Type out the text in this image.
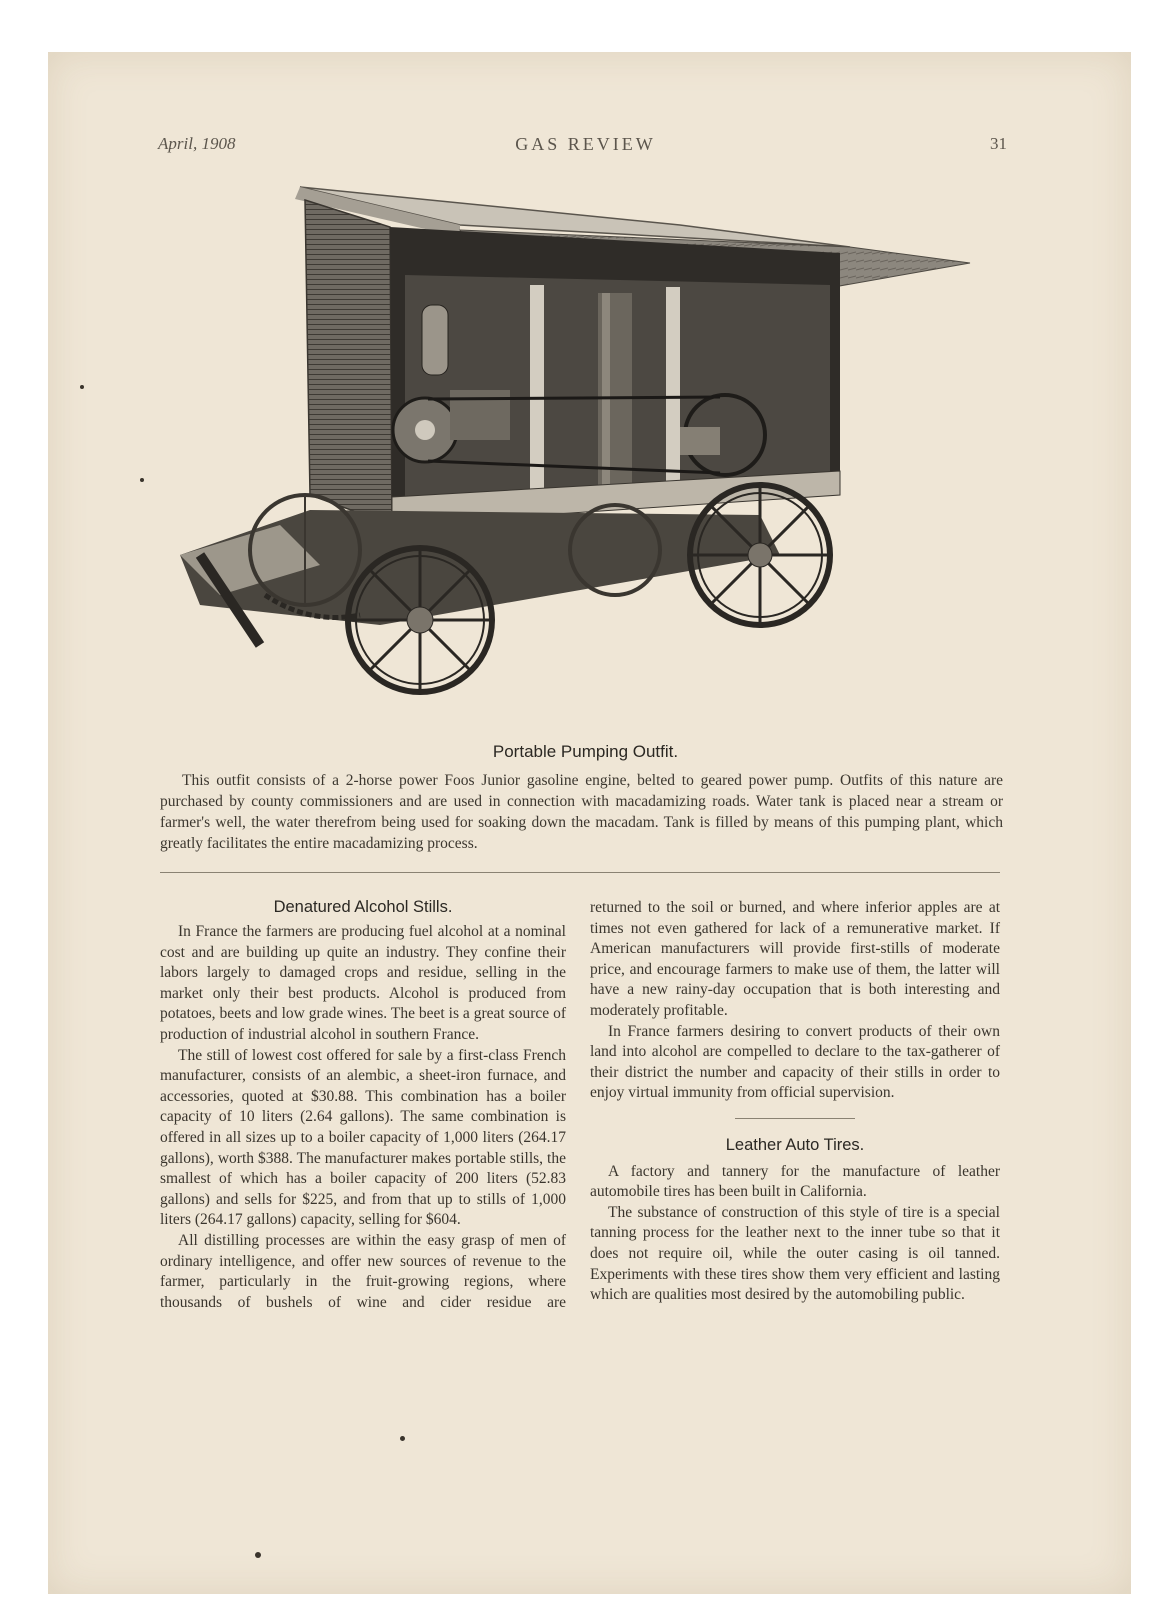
April, 1908	GAS REVIEW	31
Portable Pumping Outfit.
This outfit consists of a 2-horse power Foos Junior gasoline engine, belted to geared power pump. Outfits of this nature are purchased by county commissioners and are used in connection with macadamizing roads. Water tank is placed near a stream or farmer's well, the water therefrom being used for soaking down the macadam. Tank is filled by means of this pumping plant, which greatly facilitates the entire macadamizing process.
Denatured Alcohol Stills.

In France the farmers are producing fuel alcohol at a nominal cost and are building up quite an industry. They confine their labors largely to damaged crops and residue, selling in the market only their best products. Alcohol is produced from potatoes, beets and low grade wines. The beet is a great source of production of industrial alcohol in southern France.

The still of lowest cost offered for sale by a first-class French manufacturer, consists of an alembic, a sheet-iron furnace, and accessories, quoted at $30.88. This combination has a boiler capacity of 10 liters (2.64 gallons). The same combination is offered in all sizes up to a boiler capacity of 1,000 liters (264.17 gallons), worth $388. The manufacturer makes portable stills, the smallest of which has a boiler capacity of 200 liters (52.83 gallons) and sells for $225, and from that up to stills of 1,000 liters (264.17 gallons) capacity, selling for $604.

All distilling processes are within the easy grasp of men of ordinary intelligence, and offer new sources of revenue to the farmer, particularly in the fruit-growing regions, where thousands of bushels of wine and cider residue are

returned to the soil or burned, and where inferior apples are at times not even gathered for lack of a remunerative market. If American manufacturers will provide first-stills of moderate price, and encourage farmers to make use of them, the latter will have a new rainy-day occupation that is both interesting and moderately profitable.

In France farmers desiring to convert products of their own land into alcohol are compelled to declare to the tax-gatherer of their district the number and capacity of their stills in order to enjoy virtual immunity from official supervision.

Leather Auto Tires.

A factory and tannery for the manufacture of leather automobile tires has been built in California.

The substance of construction of this style of tire is a special tanning process for the leather next to the inner tube so that it does not require oil, while the outer casing is oil tanned. Experiments with these tires show them very efficient and lasting which are qualities most desired by the automobiling public.
